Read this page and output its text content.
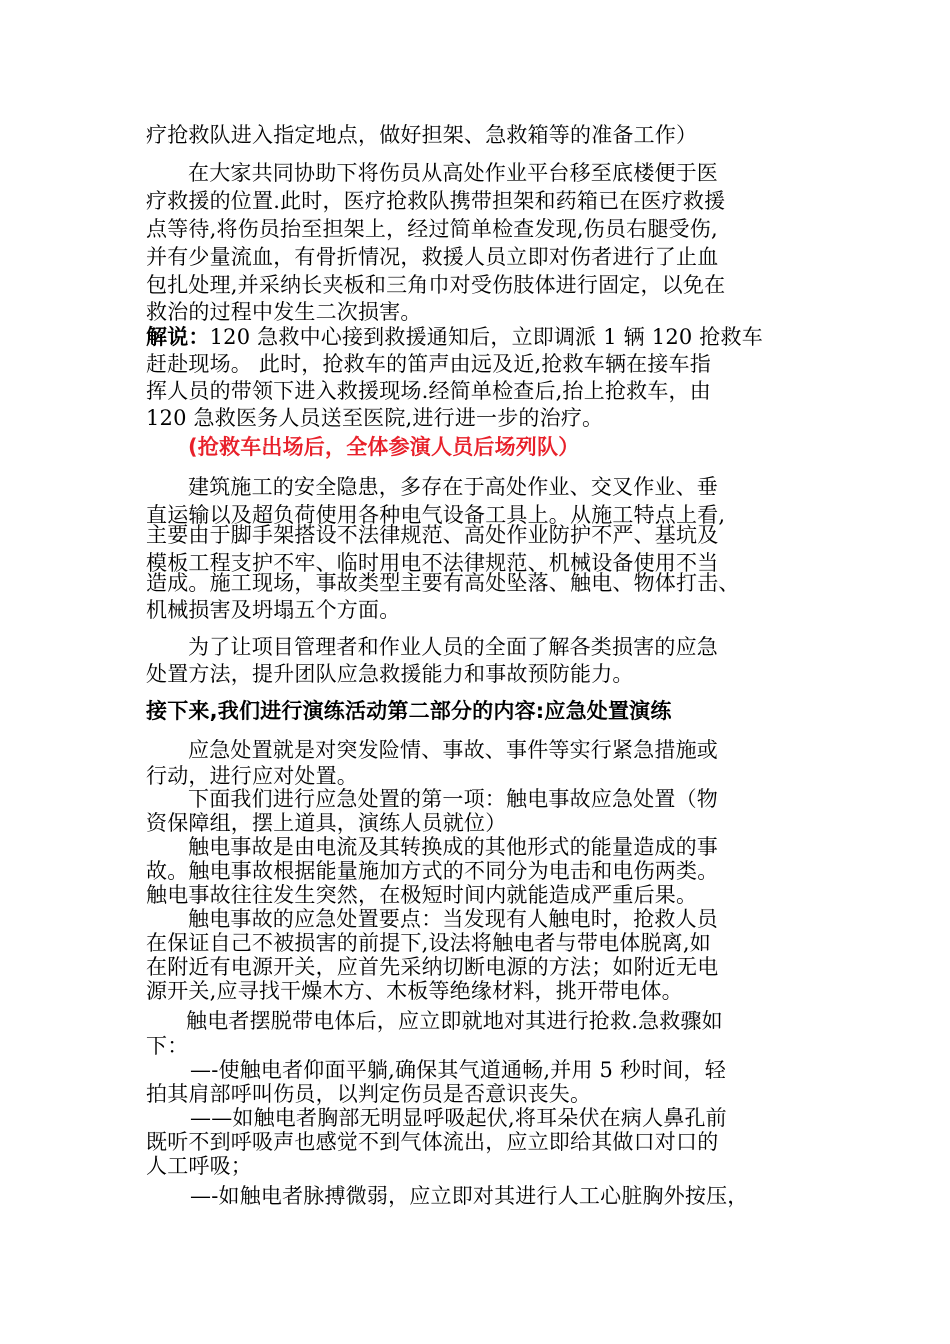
疗抢救队进入指定地点，做好担架、急救箱等的准备工作）
在大家共同协助下将伤员从高处作业平台移至底楼便于医
疗救援的位置.此时，医疗抢救队携带担架和药箱已在医疗救援
点等待,将伤员抬至担架上，经过简单检查发现,伤员右腿受伤,
并有少量流血，有骨折情况，救援人员立即对伤者进行了止血
包扎处理,并采纳长夹板和三角巾对受伤肢体进行固定，以免在
救治的过程中发生二次损害。
解说：120 急救中心接到救援通知后，立即调派 1 辆 120 抢救车
赶赴现场。 此时，抢救车的笛声由远及近,抢救车辆在接车指
挥人员的带领下进入救援现场.经简单检查后,抬上抢救车，由
120 急救医务人员送至医院,进行进一步的治疗。
(抢救车出场后，全体参演人员后场列队）
建筑施工的安全隐患，多存在于高处作业、交叉作业、垂
直运输以及超负荷使用各种电气设备工具上。从施工特点上看,
主要由于脚手架搭设不法律规范、高处作业防护不严、基坑及
模板工程支护不牢、临时用电不法律规范、机械设备使用不当
造成。施工现场，事故类型主要有高处坠落、触电、物体打击、
机械损害及坍塌五个方面。
为了让项目管理者和作业人员的全面了解各类损害的应急
处置方法，提升团队应急救援能力和事故预防能力。
接下来,我们进行演练活动第二部分的内容:应急处置演练
应急处置就是对突发险情、事故、事件等实行紧急措施或
行动，进行应对处置。
下面我们进行应急处置的第一项：触电事故应急处置（物
资保障组，摆上道具，演练人员就位）
触电事故是由电流及其转换成的其他形式的能量造成的事
故。触电事故根据能量施加方式的不同分为电击和电伤两类。
触电事故往往发生突然，在极短时间内就能造成严重后果。
触电事故的应急处置要点：当发现有人触电时，抢救人员
在保证自己不被损害的前提下,设法将触电者与带电体脱离,如
在附近有电源开关，应首先采纳切断电源的方法；如附近无电
源开关,应寻找干燥木方、木板等绝缘材料，挑开带电体。
触电者摆脱带电体后，应立即就地对其进行抢救.急救骤如
下：
—-使触电者仰面平躺,确保其气道通畅,并用 5 秒时间，轻
拍其肩部呼叫伤员，以判定伤员是否意识丧失。
——如触电者胸部无明显呼吸起伏,将耳朵伏在病人鼻孔前
既听不到呼吸声也感觉不到气体流出，应立即给其做口对口的
人工呼吸；
—-如触电者脉搏微弱，应立即对其进行人工心脏胸外按压，
